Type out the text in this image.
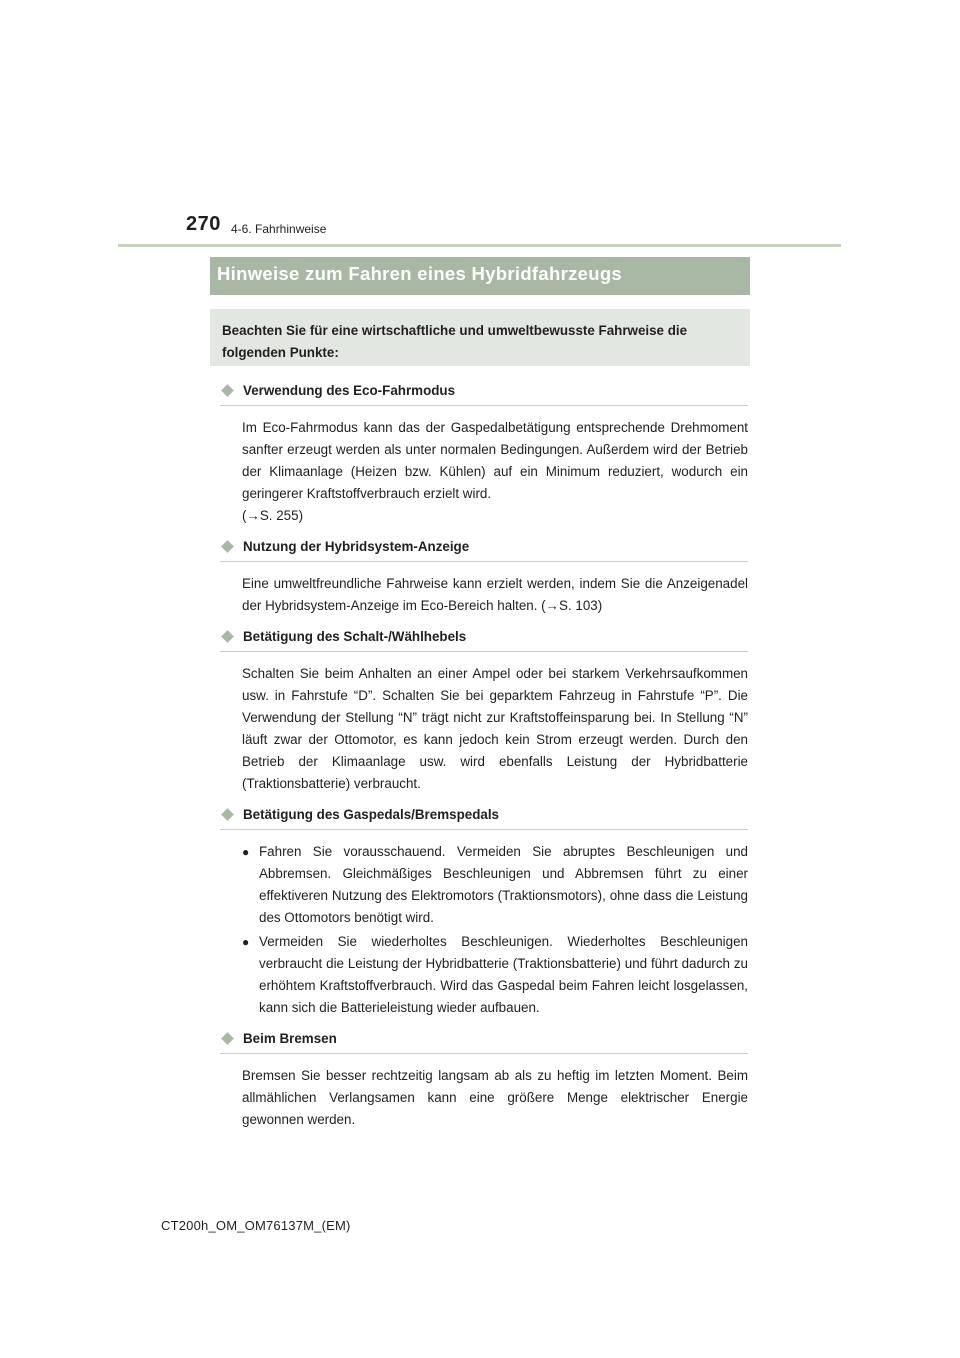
270 4-6. Fahrhinweise
Hinweise zum Fahren eines Hybridfahrzeugs
Beachten Sie für eine wirtschaftliche und umweltbewusste Fahrweise die folgenden Punkte:
Verwendung des Eco-Fahrmodus
Im Eco-Fahrmodus kann das der Gaspedalbetätigung entsprechende Drehmoment sanfter erzeugt werden als unter normalen Bedingungen. Außerdem wird der Betrieb der Klimaanlage (Heizen bzw. Kühlen) auf ein Minimum reduziert, wodurch ein geringerer Kraftstoffverbrauch erzielt wird.
(→S. 255)
Nutzung der Hybridsystem-Anzeige
Eine umweltfreundliche Fahrweise kann erzielt werden, indem Sie die Anzeigenadel der Hybridsystem-Anzeige im Eco-Bereich halten. (→S. 103)
Betätigung des Schalt-/Wählhebels
Schalten Sie beim Anhalten an einer Ampel oder bei starkem Verkehrsaufkommen usw. in Fahrstufe “D”. Schalten Sie bei geparktem Fahrzeug in Fahrstufe “P”. Die Verwendung der Stellung “N” trägt nicht zur Kraftstoffeinsparung bei. In Stellung “N” läuft zwar der Ottomotor, es kann jedoch kein Strom erzeugt werden. Durch den Betrieb der Klimaanlage usw. wird ebenfalls Leistung der Hybridbatterie (Traktionsbatterie) verbraucht.
Betätigung des Gaspedals/Bremspedals
● Fahren Sie vorausschauend. Vermeiden Sie abruptes Beschleunigen und Abbremsen. Gleichmäßiges Beschleunigen und Abbremsen führt zu einer effektiveren Nutzung des Elektromotors (Traktionsmotors), ohne dass die Leistung des Ottomotors benötigt wird.
● Vermeiden Sie wiederholtes Beschleunigen. Wiederholtes Beschleunigen verbraucht die Leistung der Hybridbatterie (Traktionsbatterie) und führt dadurch zu erhöhtem Kraftstoffverbrauch. Wird das Gaspedal beim Fahren leicht losgelassen, kann sich die Batterieleistung wieder aufbauen.
Beim Bremsen
Bremsen Sie besser rechtzeitig langsam ab als zu heftig im letzten Moment. Beim allmählichen Verlangsamen kann eine größere Menge elektrischer Energie gewonnen werden.
CT200h_OM_OM76137M_(EM)
